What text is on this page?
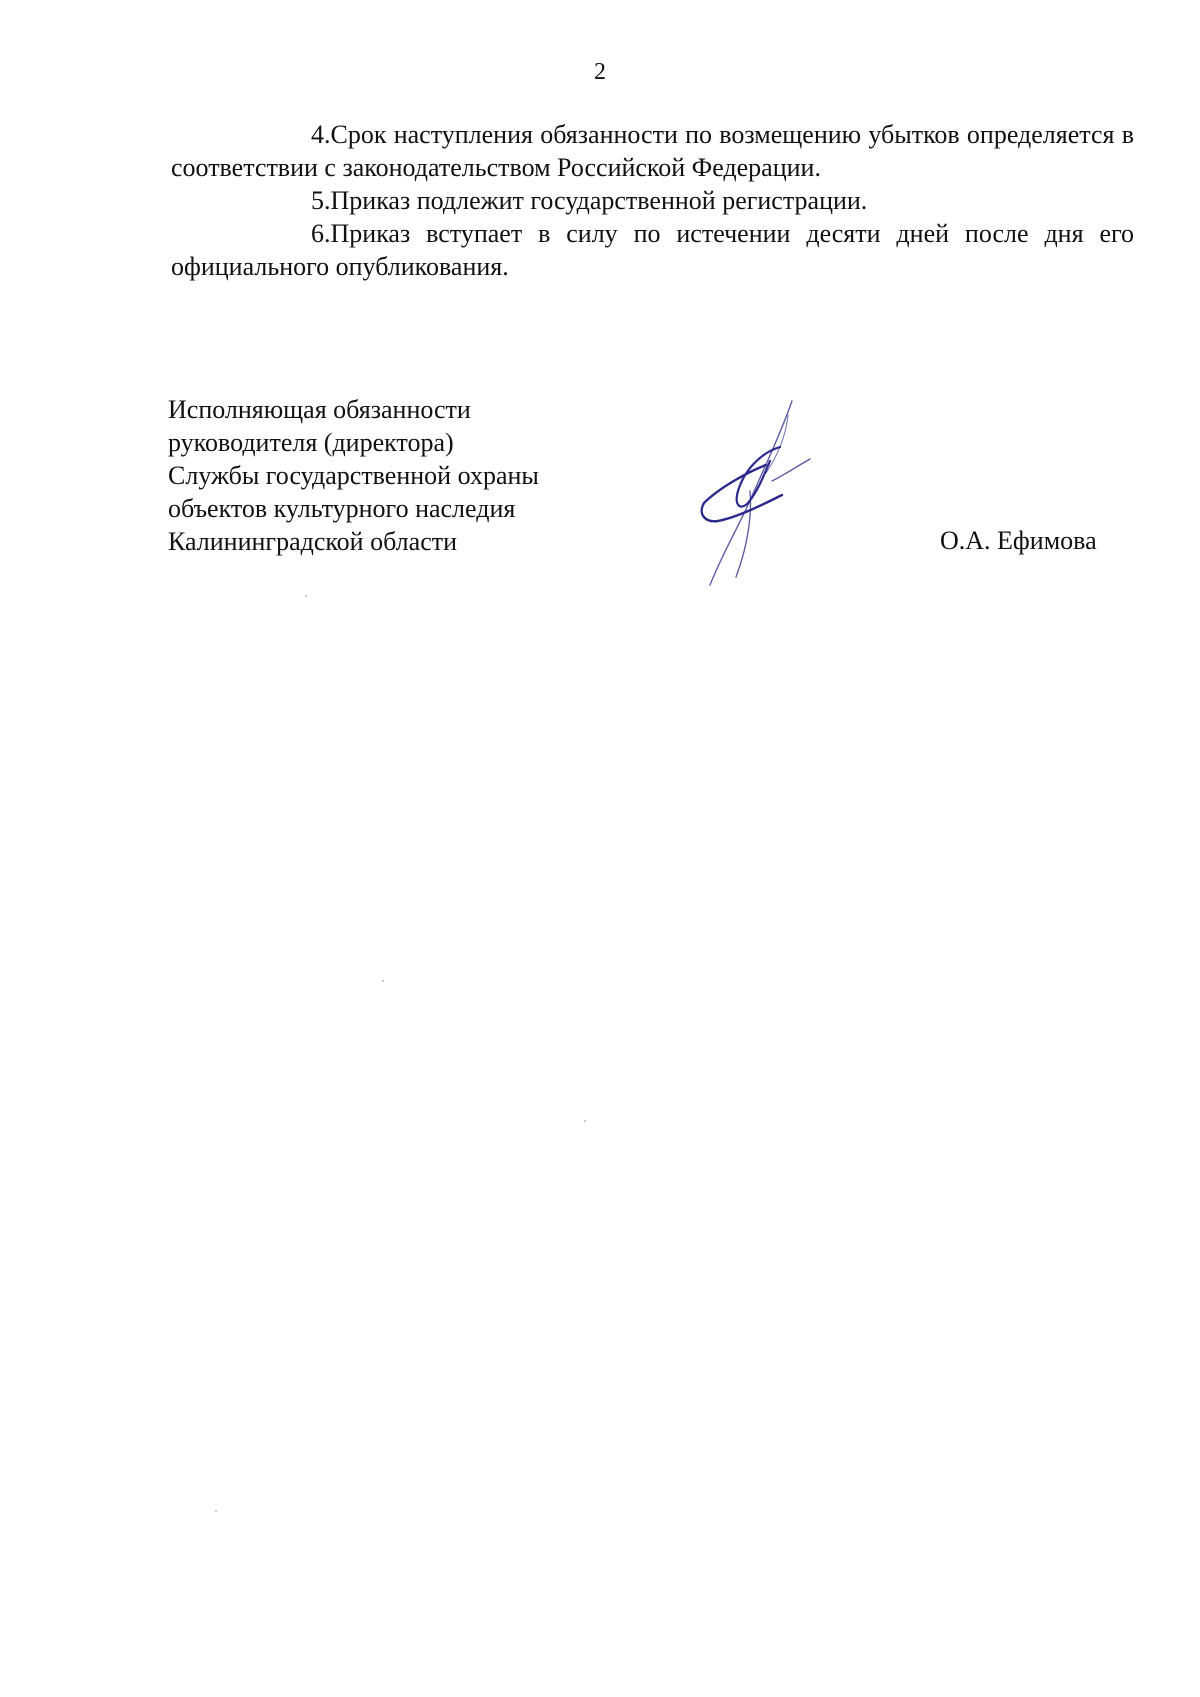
2

4.Срок наступления обязанности по возмещению убытков определяется в соответствии с законодательством Российской Федерации.

5.Приказ подлежит государственной регистрации.

6.Приказ вступает в силу по истечении десяти дней после дня его официального опубликования.

Исполняющая обязанности
руководителя (директора)
Службы государственной охраны
объектов культурного наследия
Калининградской области	О.А. Ефимова
